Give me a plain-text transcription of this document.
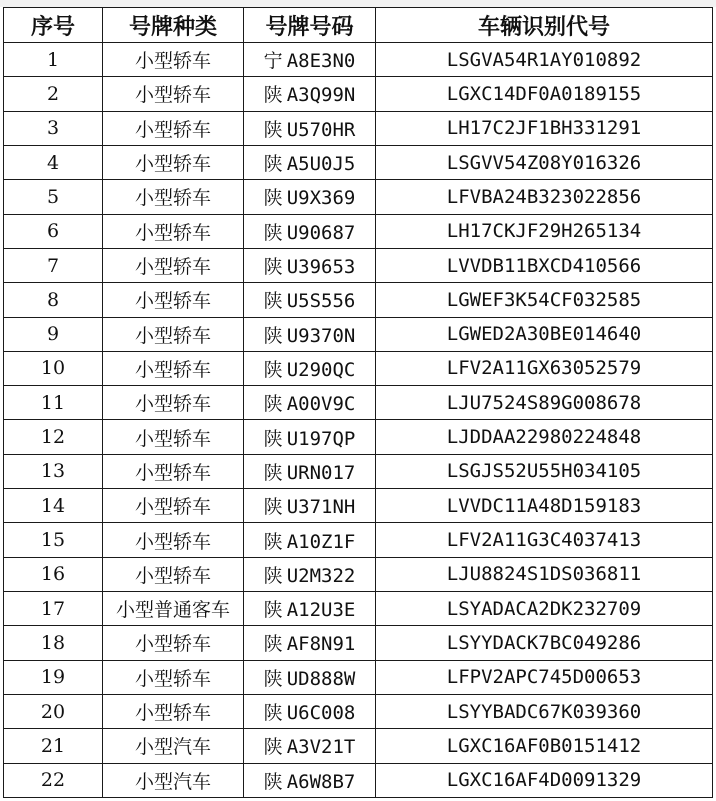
序号	号牌种类	号牌号码	车辆识别代号
1	小型轿车	宁 A8E3N0	LSGVA54R1AY010892
2	小型轿车	陕 A3Q99N	LGXC14DF0A0189155
3	小型轿车	陕 U570HR	LH17C2JF1BH331291
4	小型轿车	陕 A5U0J5	LSGVV54Z08Y016326
5	小型轿车	陕 U9X369	LFVBA24B323022856
6	小型轿车	陕 U90687	LH17CKJF29H265134
7	小型轿车	陕 U39653	LVVDB11BXCD410566
8	小型轿车	陕 U5S556	LGWEF3K54CF032585
9	小型轿车	陕 U9370N	LGWED2A30BE014640
10	小型轿车	陕 U290QC	LFV2A11GX63052579
11	小型轿车	陕 A00V9C	LJU7524S89G008678
12	小型轿车	陕 U197QP	LJDDAA22980224848
13	小型轿车	陕 URN017	LSGJS52U55H034105
14	小型轿车	陕 U371NH	LVVDC11A48D159183
15	小型轿车	陕 A10Z1F	LFV2A11G3C4037413
16	小型轿车	陕 U2M322	LJU8824S1DS036811
17	小型普通客车	陕 A12U3E	LSYADACA2DK232709
18	小型轿车	陕 AF8N91	LSYYDACK7BC049286
19	小型轿车	陕 UD888W	LFPV2APC745D00653
20	小型轿车	陕 U6C008	LSYYBADC67K039360
21	小型汽车	陕 A3V21T	LGXC16AF0B0151412
22	小型汽车	陕 A6W8B7	LGXC16AF4D0091329
